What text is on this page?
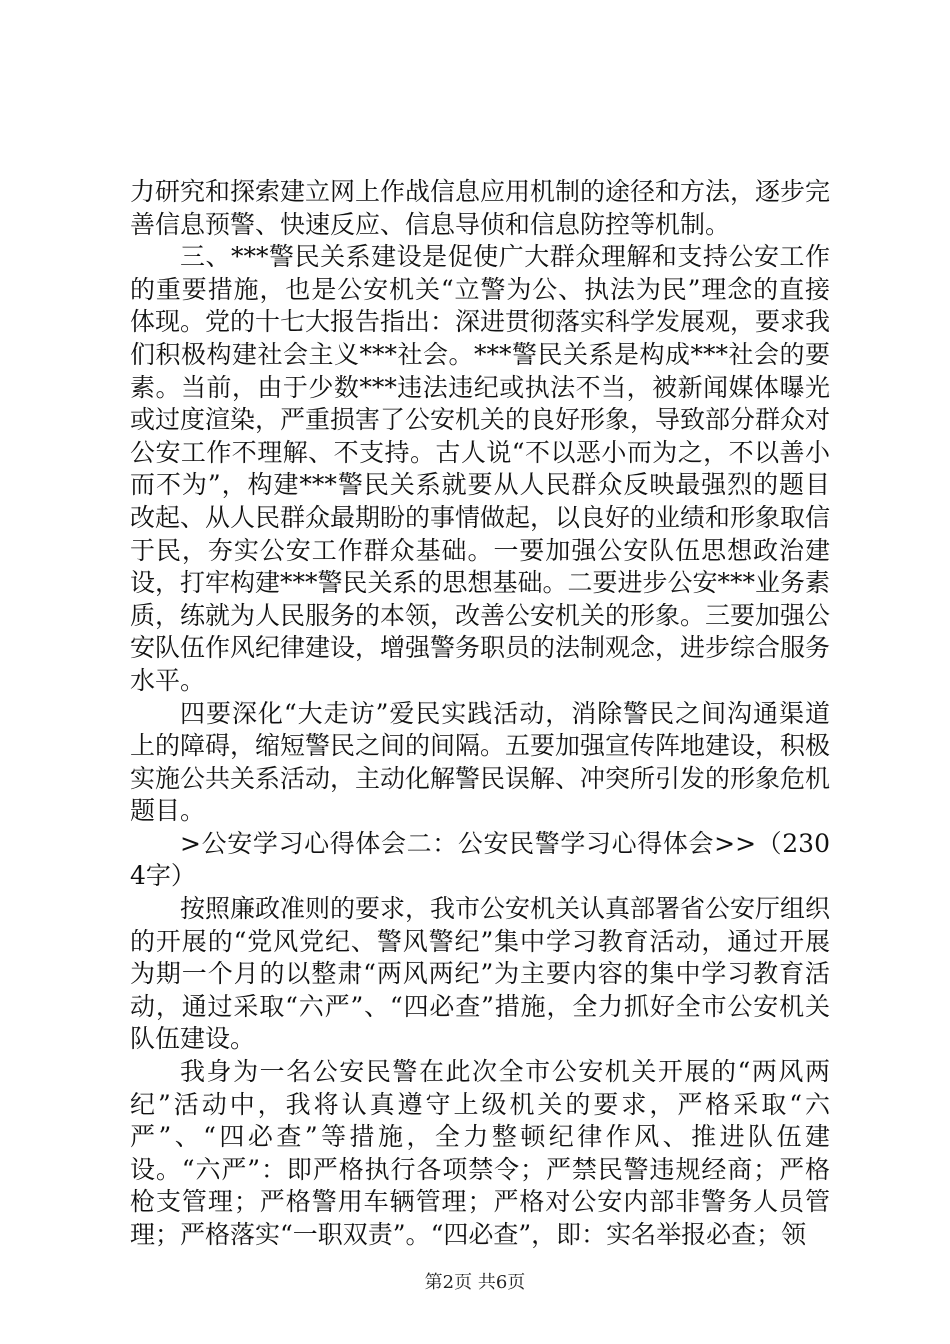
力研究和探索建立网上作战信息应用机制的途径和方法，逐步完善信息预警、快速反应、信息导侦和信息防控等机制。

三、***警民关系建设是促使广大群众理解和支持公安工作的重要措施，也是公安机关“立警为公、执法为民”理念的直接体现。党的十七大报告指出：深进贯彻落实科学发展观，要求我们积极构建社会主义***社会。***警民关系是构成***社会的要素。当前，由于少数***违法违纪或执法不当，被新闻媒体曝光或过度渲染，严重损害了公安机关的良好形象，导致部分群众对公安工作不理解、不支持。古人说“不以恶小而为之，不以善小而不为”，构建***警民关系就要从人民群众反映最强烈的题目改起、从人民群众最期盼的事情做起，以良好的业绩和形象取信于民，夯实公安工作群众基础。一要加强公安队伍思想政治建设，打牢构建***警民关系的思想基础。二要进步公安***业务素质，练就为人民服务的本领，改善公安机关的形象。三要加强公安队伍作风纪律建设，增强警务职员的法制观念，进步综合服务水平。

四要深化“大走访”爱民实践活动，消除警民之间沟通渠道上的障碍，缩短警民之间的间隔。五要加强宣传阵地建设，积极实施公共关系活动，主动化解警民误解、冲突所引发的形象危机题目。

>公安学习心得体会二：公安民警学习心得体会>>（2304字）

按照廉政准则的要求，我市公安机关认真部署省公安厅组织的开展的“党风党纪、警风警纪”集中学习教育活动，通过开展为期一个月的以整肃“两风两纪”为主要内容的集中学习教育活动，通过采取“六严”、“四必查”措施，全力抓好全市公安机关队伍建设。

我身为一名公安民警在此次全市公安机关开展的“两风两纪”活动中，我将认真遵守上级机关的要求，严格采取“六严”、“四必查”等措施，全力整顿纪律作风、推进队伍建设。“六严”：即严格执行各项禁令；严禁民警违规经商；严格枪支管理；严格警用车辆管理；严格对公安内部非警务人员管理；严格落实“一职双责”。“四必查”，即：实名举报必查；领

第2页 共6页
